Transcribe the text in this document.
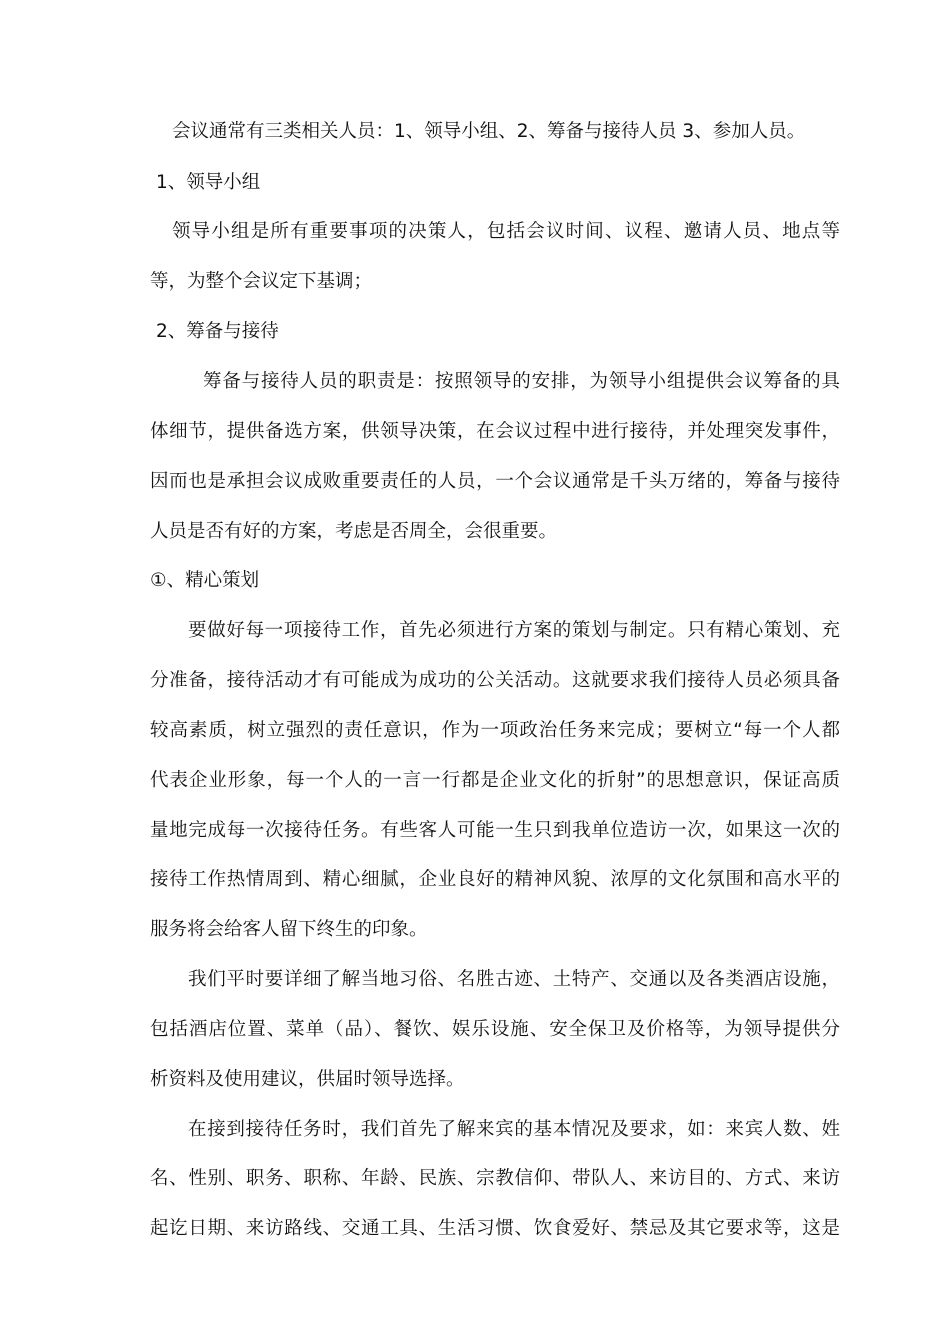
会议通常有三类相关人员：1、领导小组、2、筹备与接待人员 3、参加人员。
1、领导小组
领导小组是所有重要事项的决策人，包括会议时间、议程、邀请人员、地点等
等，为整个会议定下基调；
2、筹备与接待
筹备与接待人员的职责是：按照领导的安排，为领导小组提供会议筹备的具
体细节，提供备选方案，供领导决策，在会议过程中进行接待，并处理突发事件，
因而也是承担会议成败重要责任的人员，一个会议通常是千头万绪的，筹备与接待
人员是否有好的方案，考虑是否周全，会很重要。
①、精心策划
要做好每一项接待工作，首先必须进行方案的策划与制定。只有精心策划、充
分准备，接待活动才有可能成为成功的公关活动。这就要求我们接待人员必须具备
较高素质，树立强烈的责任意识，作为一项政治任务来完成；要树立“每一个人都
代表企业形象，每一个人的一言一行都是企业文化的折射”的思想意识，保证高质
量地完成每一次接待任务。有些客人可能一生只到我单位造访一次，如果这一次的
接待工作热情周到、精心细腻，企业良好的精神风貌、浓厚的文化氛围和高水平的
服务将会给客人留下终生的印象。
我们平时要详细了解当地习俗、名胜古迹、土特产、交通以及各类酒店设施，
包括酒店位置、菜单（品）、餐饮、娱乐设施、安全保卫及价格等，为领导提供分
析资料及使用建议，供届时领导选择。
在接到接待任务时，我们首先了解来宾的基本情况及要求，如：来宾人数、姓
名、性别、职务、职称、年龄、民族、宗教信仰、带队人、来访目的、方式、来访
起讫日期、来访路线、交通工具、生活习惯、饮食爱好、禁忌及其它要求等，这是
